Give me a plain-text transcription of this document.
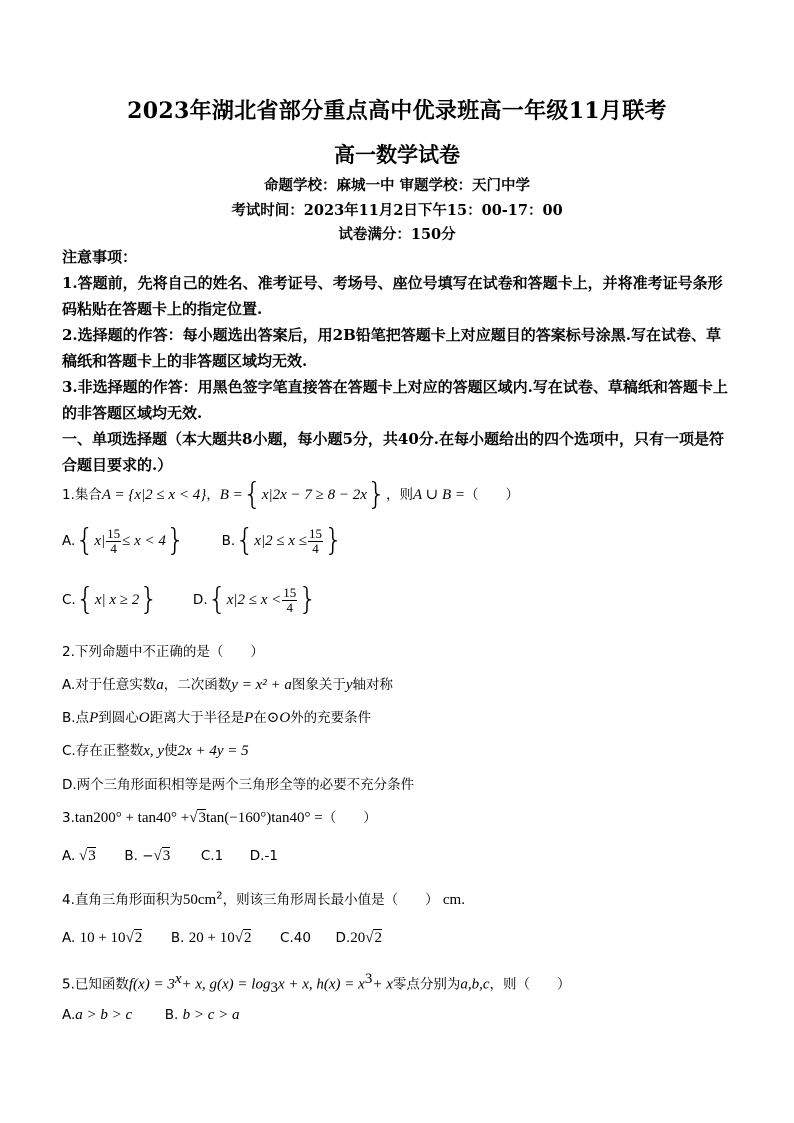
2023年湖北省部分重点高中优录班高一年级11月联考
高一数学试卷
命题学校：麻城一中 审题学校：天门中学
考试时间：2023年11月2日下午15：00-17：00
试卷满分：150分
注意事项：
1.答题前，先将自己的姓名、准考证号、考场号、座位号填写在试卷和答题卡上，并将准考证号条形码粘贴在答题卡上的指定位置.
2.选择题的作答：每小题选出答案后，用2B铅笔把答题卡上对应题目的答案标号涂黑.写在试卷、草稿纸和答题卡上的非答题区域均无效.
3.非选择题的作答：用黑色签字笔直接答在答题卡上对应的答题区域内.写在试卷、草稿纸和答题卡上的非答题区域均无效.
一、单项选择题（本大题共8小题，每小题5分，共40分.在每小题给出的四个选项中，只有一项是符合题目要求的.）
1.集合A = {x|2 ≤ x < 4}，B ={x|2x − 7 ≥ 8 − 2x}，则A ∪ B =（　　）
$A.\{x| \frac{15}{4} \le x < 4\}$	$B.\{x|2 \le x \le \frac{15}{4}$ }
C.{x| x ≥ 2}	$D.\{x|2 \le x < \frac{15}{4}$ }
2.下列命题中不正确的是（　　）
A.对于任意实数a，二次函数y = x² + a图象关于y轴对称
B.点P到圆心O距离大于半径是P在⊙O外的充要条件
C.存在正整数x, y使2x + 4y = 5
D.两个三角形面积相等是两个三角形全等的必要不充分条件
3.tan200° + tan40° +√3tan(−160°)tan40° =（　　）
A. √3 B. −√3 C.1 D.-1
4.直角三角形面积为$50cm^2$，则该三角形周长最小值是（　　） cm.
A. 10 + 10√2 B. 20 + 10√2 C.40 D.20√2
5.已知函数$f(x) = 3^x+ x$, $g(x) = \log_3x + x$, $h(x) = x^3+ x$零点分别为a,b,c，则（　　）
A.a > b > c B. b > c > a
